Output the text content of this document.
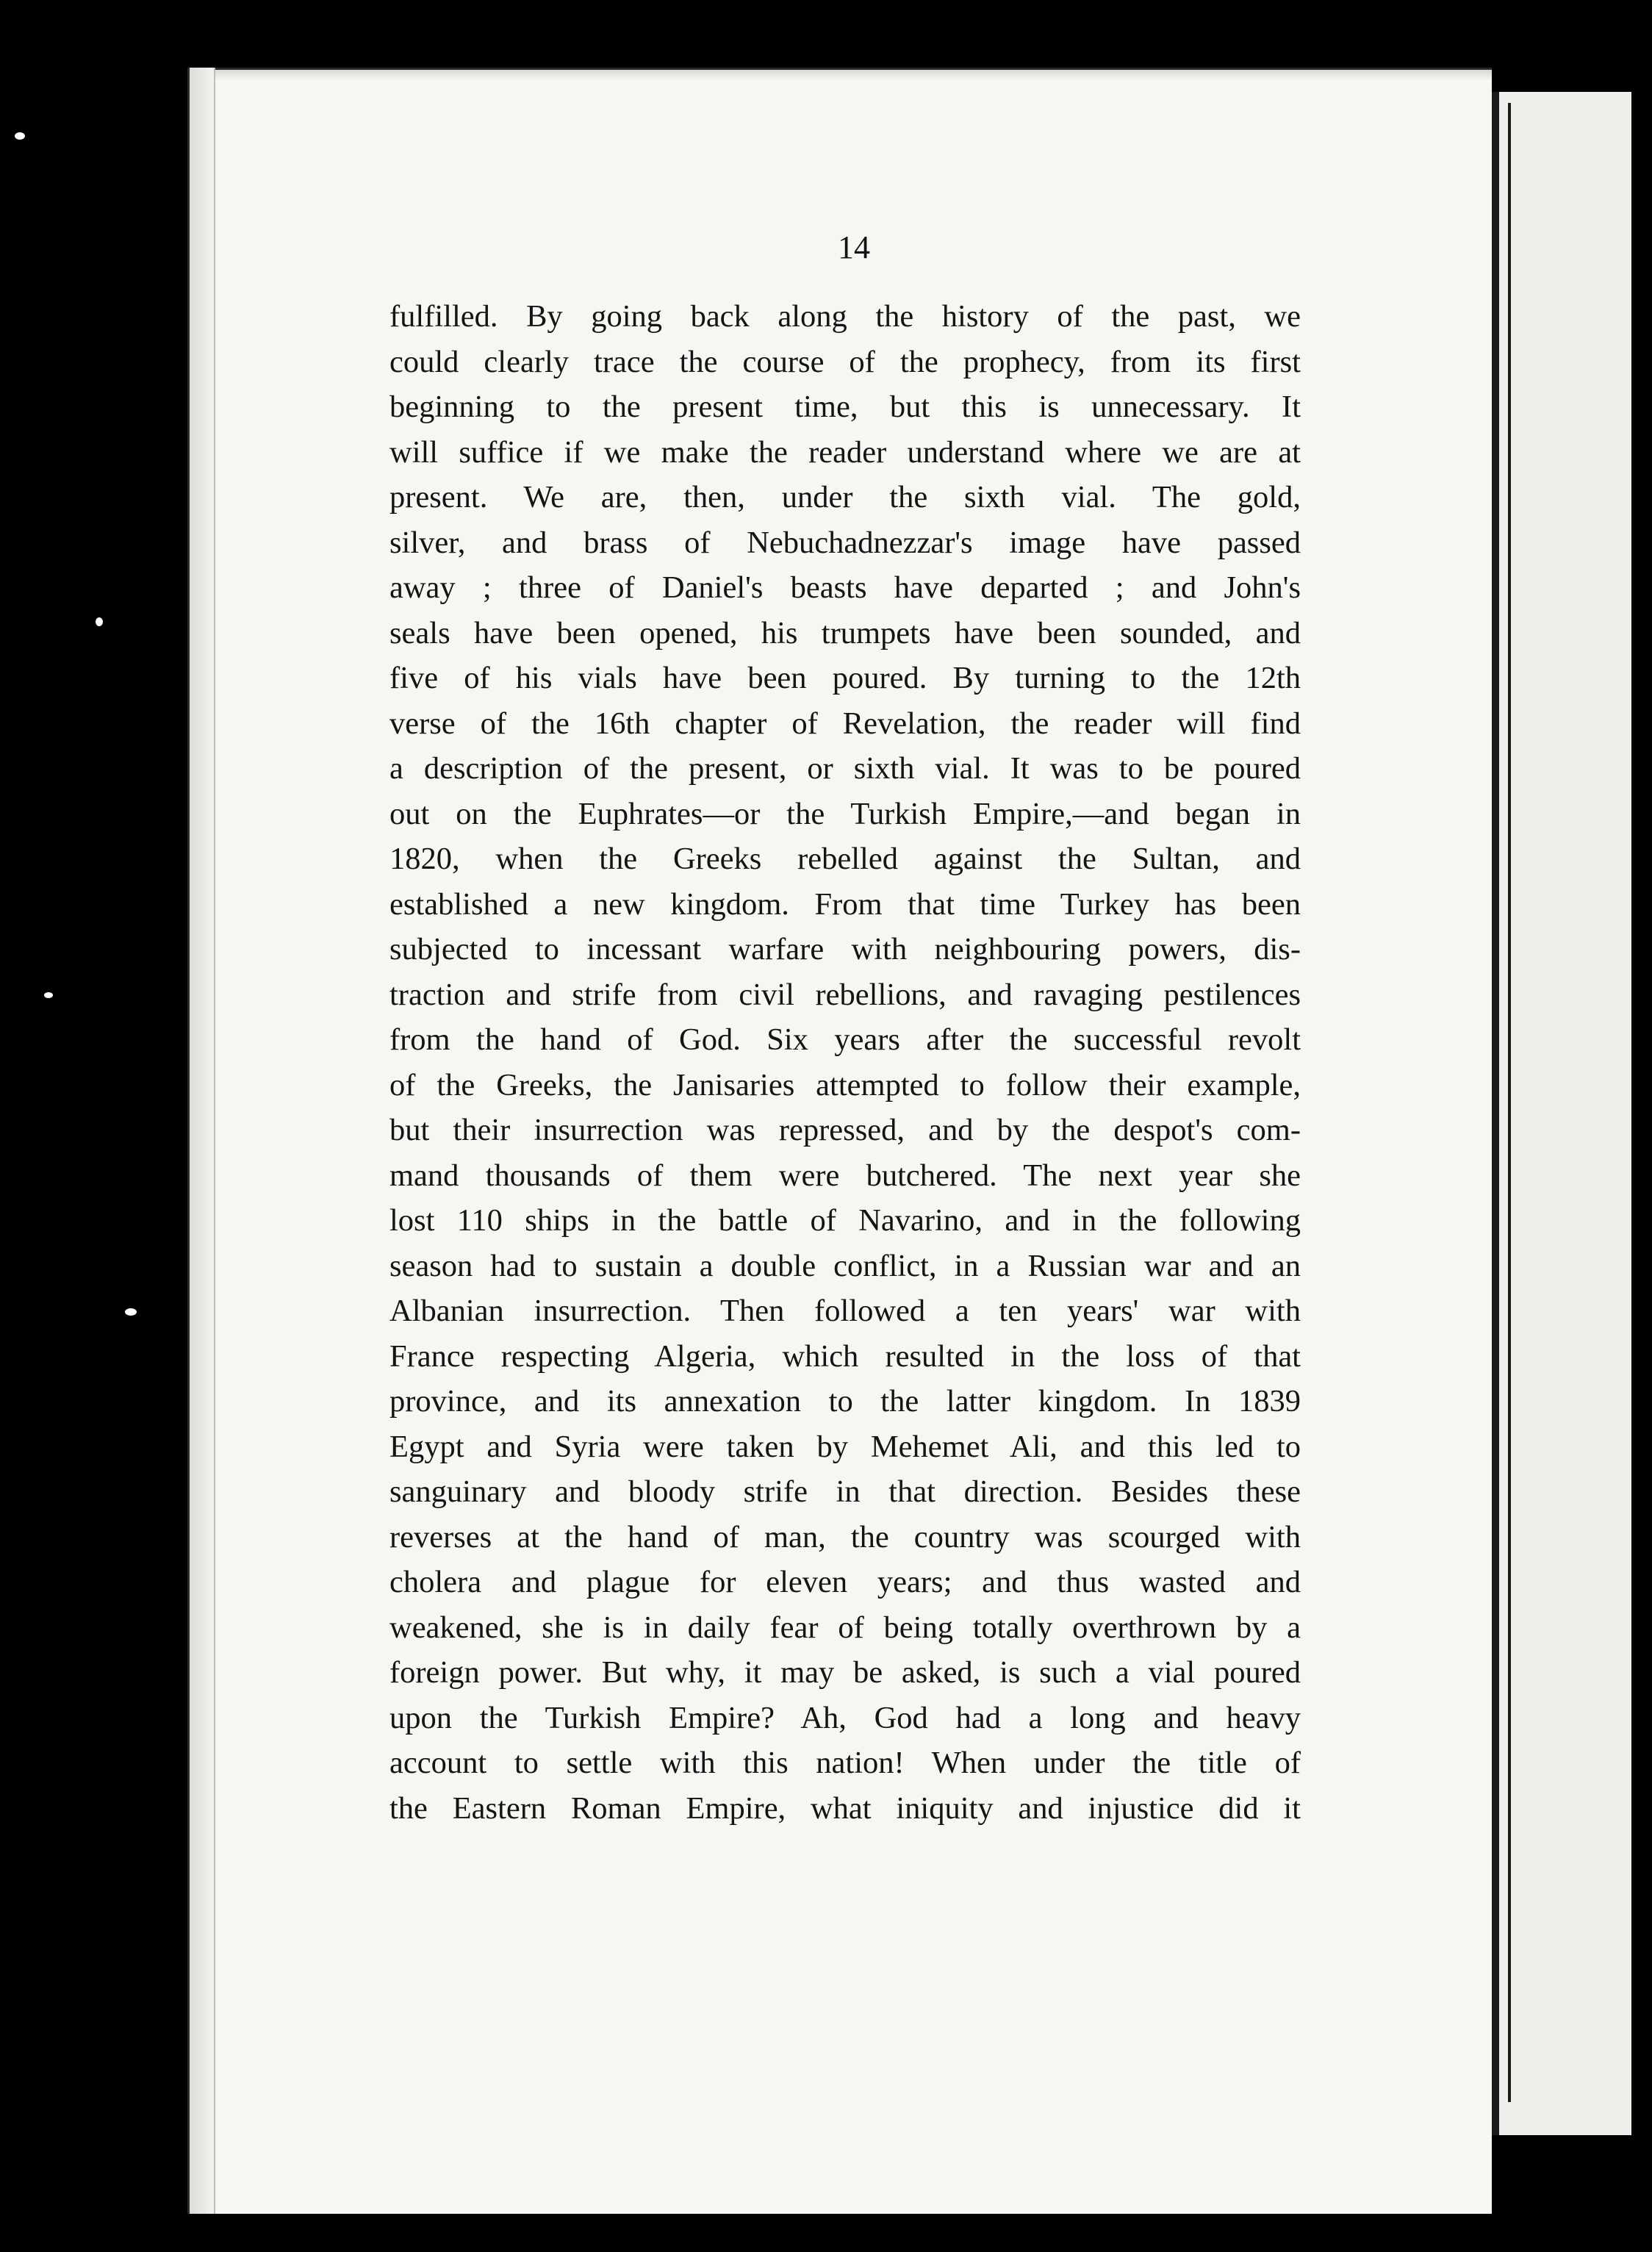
14
fulfilled. By going back along the history of the past, we
could clearly trace the course of the prophecy, from its first
beginning to the present time, but this is unnecessary. It
will suffice if we make the reader understand where we are at
present. We are, then, under the sixth vial. The gold,
silver, and brass of Nebuchadnezzar's image have passed
away ; three of Daniel's beasts have departed ; and John's
seals have been opened, his trumpets have been sounded, and
five of his vials have been poured. By turning to the 12th
verse of the 16th chapter of Revelation, the reader will find
a description of the present, or sixth vial. It was to be poured
out on the Euphrates—or the Turkish Empire,—and began in
1820, when the Greeks rebelled against the Sultan, and
established a new kingdom. From that time Turkey has been
subjected to incessant warfare with neighbouring powers, dis-
traction and strife from civil rebellions, and ravaging pestilences
from the hand of God. Six years after the successful revolt
of the Greeks, the Janisaries attempted to follow their example,
but their insurrection was repressed, and by the despot's com-
mand thousands of them were butchered. The next year she
lost 110 ships in the battle of Navarino, and in the following
season had to sustain a double conflict, in a Russian war and an
Albanian insurrection. Then followed a ten years' war with
France respecting Algeria, which resulted in the loss of that
province, and its annexation to the latter kingdom. In 1839
Egypt and Syria were taken by Mehemet Ali, and this led to
sanguinary and bloody strife in that direction. Besides these
reverses at the hand of man, the country was scourged with
cholera and plague for eleven years; and thus wasted and
weakened, she is in daily fear of being totally overthrown by a
foreign power. But why, it may be asked, is such a vial poured
upon the Turkish Empire? Ah, God had a long and heavy
account to settle with this nation! When under the title of
the Eastern Roman Empire, what iniquity and injustice did it
